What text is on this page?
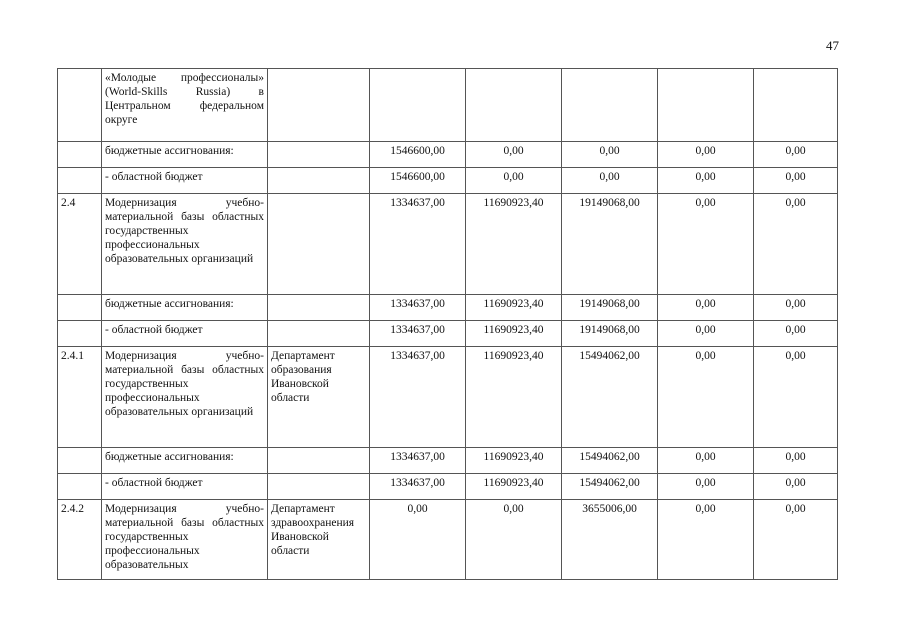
47
	«Молодые профессионалы» (World-Skills Russia) в Центральном федеральном округе						
	бюджетные ассигнования:		1546600,00	0,00	0,00	0,00	0,00
	- областной бюджет		1546600,00	0,00	0,00	0,00	0,00
2.4	Модернизация учебно-материальной базы областных государственных профессиональных образовательных организаций		1334637,00	11690923,40	19149068,00	0,00	0,00
	бюджетные ассигнования:		1334637,00	11690923,40	19149068,00	0,00	0,00
	- областной бюджет		1334637,00	11690923,40	19149068,00	0,00	0,00
2.4.1	Модернизация учебно-материальной базы областных государственных профессиональных образовательных организаций	Департамент образования Ивановской области	1334637,00	11690923,40	15494062,00	0,00	0,00
	бюджетные ассигнования:		1334637,00	11690923,40	15494062,00	0,00	0,00
	- областной бюджет		1334637,00	11690923,40	15494062,00	0,00	0,00
2.4.2	Модернизация учебно-материальной базы областных государственных профессиональных образовательных	Департамент здравоохранения Ивановской области	0,00	0,00	3655006,00	0,00	0,00
